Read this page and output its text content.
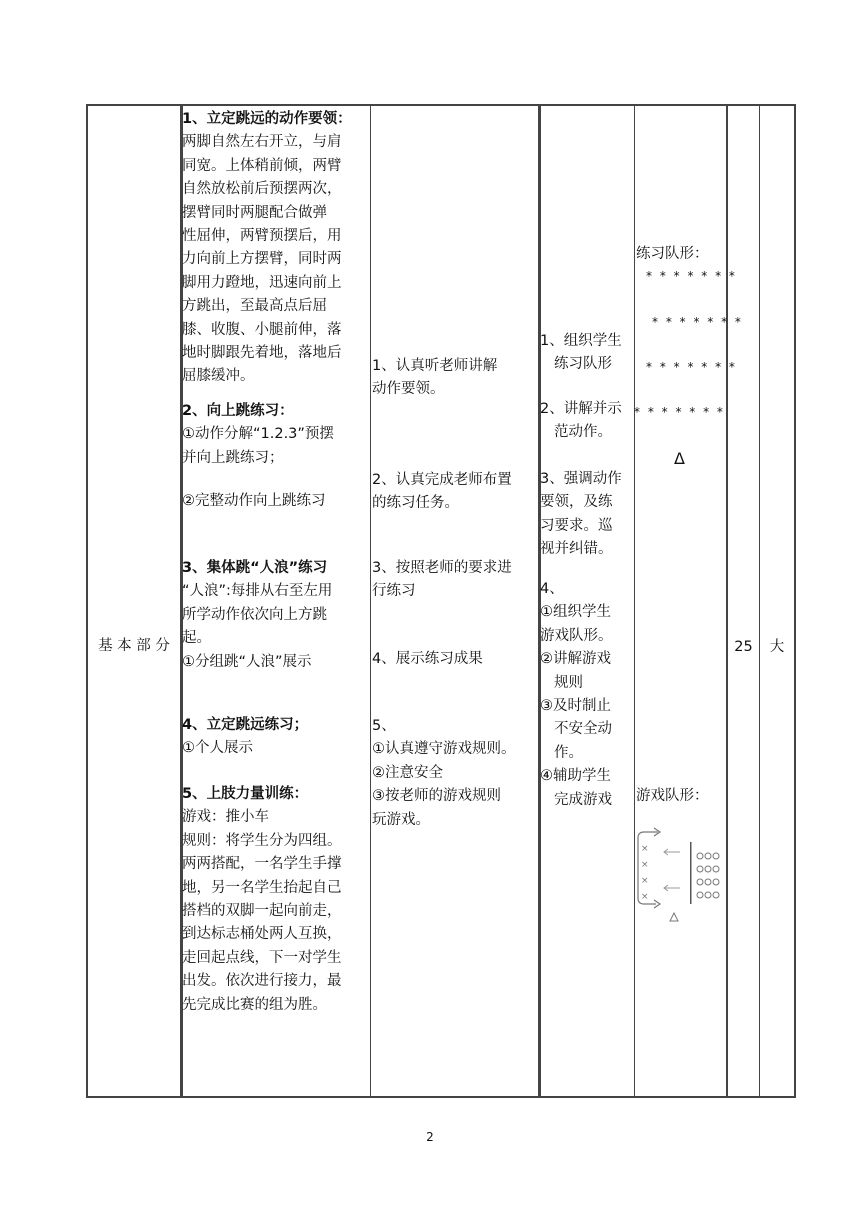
基 本 部 分
1、立定跳远的动作要领：
两脚自然左右开立，与肩
同宽。上体稍前倾，两臂
自然放松前后预摆两次，
摆臂同时两腿配合做弹
性屈伸，两臂预摆后，用
力向前上方摆臂，同时两
脚用力蹬地，迅速向前上
方跳出，至最高点后屈
膝、收腹、小腿前伸，落
地时脚跟先着地，落地后
屈膝缓冲。
2、向上跳练习：
①动作分解“1.2.3”预摆
并向上跳练习；
②完整动作向上跳练习
3、集体跳“人浪”练习
“人浪”:每排从右至左用
所学动作依次向上方跳
起。
①分组跳“人浪”展示
4、立定跳远练习；
①个人展示
5、上肢力量训练：
游戏：推小车
规则：将学生分为四组。
两两搭配，一名学生手撑
地，另一名学生抬起自己
搭档的双脚一起向前走，
到达标志桶处两人互换，
走回起点线，下一对学生
出发。依次进行接力，最
先完成比赛的组为胜。
1、认真听老师讲解
动作要领。
2、认真完成老师布置
的练习任务。
3、按照老师的要求进
行练习
4、展示练习成果
5、
①认真遵守游戏规则。
②注意安全
③按老师的游戏规则
玩游戏。
1、组织学生
练习队形
2、讲解并示
范动作。
3、强调动作
要领，及练
习要求。巡
视并纠错。
4、
①组织学生
游戏队形。
②讲解游戏
规则
③及时制止
不安全动
作。
④辅助学生
完成游戏
练习队形：
* * * * * * *
* * * * * * *
* * * * * * *
* * * * * * *
Δ
游戏队形：
×
×
×
×
25	大
2
